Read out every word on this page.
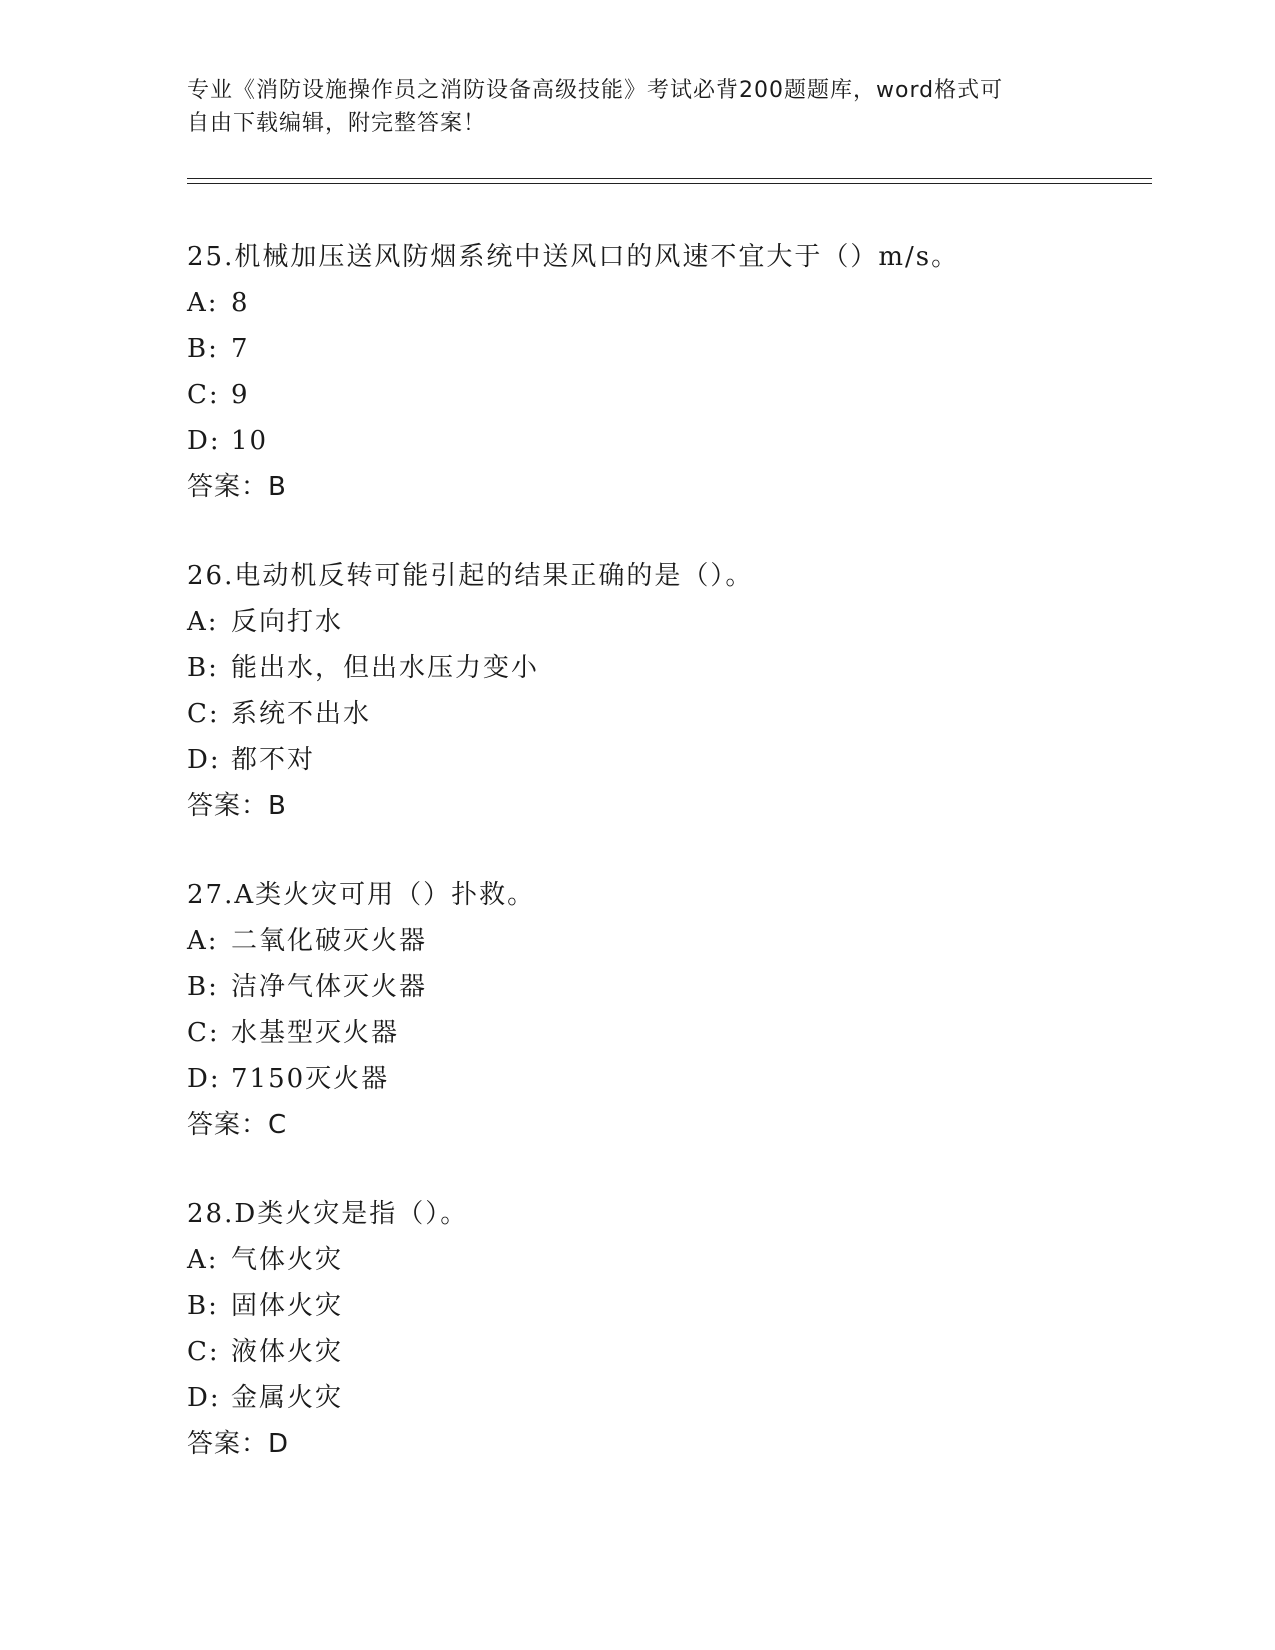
专业《消防设施操作员之消防设备高级技能》考试必背200题题库，word格式可
自由下载编辑，附完整答案！
25.机械加压送风防烟系统中送风口的风速不宜大于（）m/s。
A: 8
B: 7
C: 9
D: 10
答案：B
26.电动机反转可能引起的结果正确的是（）。
A: 反向打水
B: 能出水，但出水压力变小
C: 系统不出水
D: 都不对
答案：B
27.A类火灾可用（）扑救。
A: 二氧化破灭火器
B: 洁净气体灭火器
C: 水基型灭火器
D: 7150灭火器
答案：C
28.D类火灾是指（）。
A: 气体火灾
B: 固体火灾
C: 液体火灾
D: 金属火灾
答案：D
